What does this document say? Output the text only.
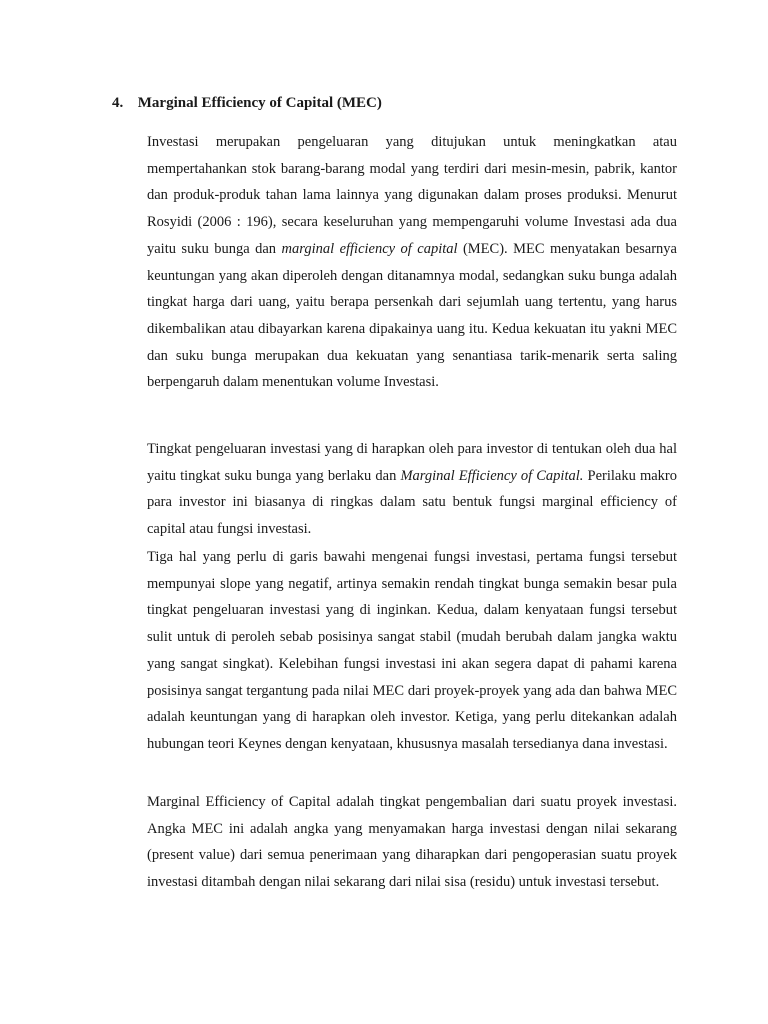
4. Marginal Efficiency of Capital (MEC)

Investasi merupakan pengeluaran yang ditujukan untuk meningkatkan atau mempertahankan stok barang-barang modal yang terdiri dari mesin-mesin, pabrik, kantor dan produk-produk tahan lama lainnya yang digunakan dalam proses produksi. Menurut Rosyidi (2006 : 196), secara keseluruhan yang mempengaruhi volume Investasi ada dua yaitu suku bunga dan marginal efficiency of capital (MEC). MEC menyatakan besarnya keuntungan yang akan diperoleh dengan ditanamnya modal, sedangkan suku bunga adalah tingkat harga dari uang, yaitu berapa persenkah dari sejumlah uang tertentu, yang harus dikembalikan atau dibayarkan karena dipakainya uang itu. Kedua kekuatan itu yakni MEC dan suku bunga merupakan dua kekuatan yang senantiasa tarik-menarik serta saling berpengaruh dalam menentukan volume Investasi.

Tingkat pengeluaran investasi yang di harapkan oleh para investor di tentukan oleh dua hal yaitu tingkat suku bunga yang berlaku dan Marginal Efficiency of Capital. Perilaku makro para investor ini biasanya di ringkas dalam satu bentuk fungsi marginal efficiency of capital atau fungsi investasi.

Tiga hal yang perlu di garis bawahi mengenai fungsi investasi, pertama fungsi tersebut mempunyai slope yang negatif, artinya semakin rendah tingkat bunga semakin besar pula tingkat pengeluaran investasi yang di inginkan. Kedua, dalam kenyataan fungsi tersebut sulit untuk di peroleh sebab posisinya sangat stabil (mudah berubah dalam jangka waktu yang sangat singkat). Kelebihan fungsi investasi ini akan segera dapat di pahami karena posisinya sangat tergantung pada nilai MEC dari proyek-proyek yang ada dan bahwa MEC adalah keuntungan yang di harapkan oleh investor. Ketiga, yang perlu ditekankan adalah hubungan teori Keynes dengan kenyataan, khususnya masalah tersedianya dana investasi.

Marginal Efficiency of Capital adalah tingkat pengembalian dari suatu proyek investasi. Angka MEC ini adalah angka yang menyamakan harga investasi dengan nilai sekarang (present value) dari semua penerimaan yang diharapkan dari pengoperasian suatu proyek investasi ditambah dengan nilai sekarang dari nilai sisa (residu) untuk investasi tersebut.
